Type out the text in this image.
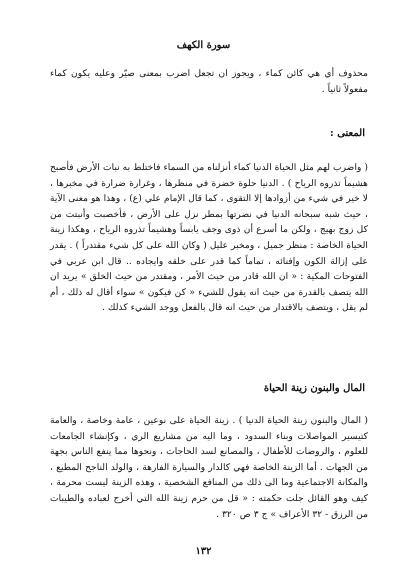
سورة الكهف

محذوف أي هي كائن كماء ، ويجوز ان تجعل اضرب بمعنى صيّر وعليه يكون كماء مفعولاً ثانياً .

المعنى :

( واضرب لهم مثل الحياة الدنيا كماء أنزلناه من السماء فاختلط به نبات الأرض فأصبح هشيماً تذروه الرياح ) . الدنيا حلوة خضرة في منظرها ، وغرارة ضرارة في مخبرها ، لا خير في شيء من أزوادها إلا التقوى ، كما قال الإمام علي (ع) ، وهذا هو معنى الآية ، حيث شبه سبحانه الدنيا في نضرتها بمطر نزل على الأرض ، فأخصبت وأنبتت من كل زوج بهيج ، ولكن ما أسرع أن ذوى وجف يابساً وهشيماً تذروه الرياح ، وهكذا زينة الحياة الخاصة : منظر جميل ، ومخبر عليل ( وكان الله على كل شيء مقتدراً ) . يقدر على إزالة الكون وإفنائه ، تماماً كما قدر على خلقه وايجاده .. قال ابن عربي في الفتوحات المكية : « ان الله قادر من حيث الأمر ، ومقتدر من حيث الخلق » يريد ان الله يتصف بالقدرة من حيث انه يقول للشيء « كن فيكون » سواء أقال له ذلك ، أم لم يقل ، ويتصف بالاقتدار من حيث انه قال بالفعل ووجد الشيء كذلك .

المال والبنون زينة الحياة

( المال والبنون زينة الحياة الدنيا ) . زينة الحياة على نوعين ، عامة وخاصة ، والعامة كتيسير المواصلات وبناء السدود ، وما اليه من مشاريع الري ، وكإنشاء الجامعات للعلوم ، والروضات للأطفال ، والمصانع لسد الحاجات ، ونحوها مما ينفع الناس بجهة من الجهات . أما الزينة الخاصة فهي كالدار والسيارة الفارهة ، والولد الناجح المطيع ، والمكانة الاجتماعية وما الى ذلك من المنافع الشخصية ، وهذه الزينة ليست محرمة ، كيف وهو القائل جلت حكمته : « قل من حرم زينة الله التي أخرج لعباده والطيبات من الرزق - ٣٢ الأعراف » ج ٣ ص ٣٢٠ .

١٣٢
